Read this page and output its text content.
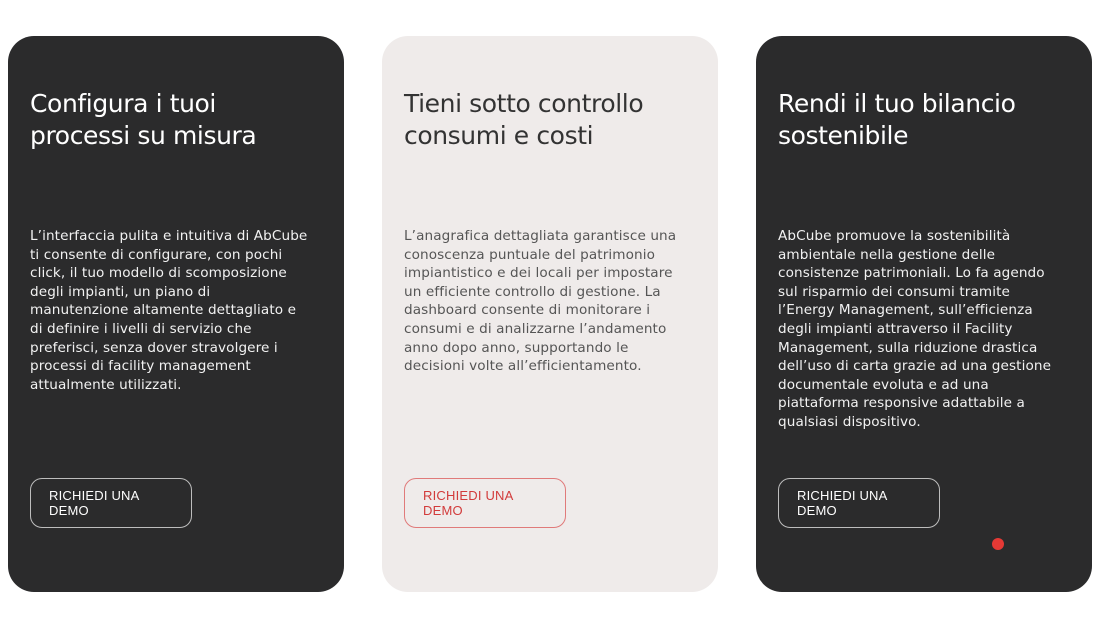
Configura i tuoi
processi su misura

L’interfaccia pulita e intuitiva di AbCube
ti consente di configurare, con pochi
click, il tuo modello di scomposizione
degli impianti, un piano di
manutenzione altamente dettagliato e
di definire i livelli di servizio che
preferisci, senza dover stravolgere i
processi di facility management
attualmente utilizzati.

RICHIEDI UNA DEMO
Tieni sotto controllo
consumi e costi

L’anagrafica dettagliata garantisce una
conoscenza puntuale del patrimonio
impiantistico e dei locali per impostare
un efficiente controllo di gestione. La
dashboard consente di monitorare i
consumi e di analizzarne l’andamento
anno dopo anno, supportando le
decisioni volte all’efficientamento.

RICHIEDI UNA DEMO
Rendi il tuo bilancio
sostenibile

AbCube promuove la sostenibilità
ambientale nella gestione delle
consistenze patrimoniali. Lo fa agendo
sul risparmio dei consumi tramite
l’Energy Management, sull’efficienza
degli impianti attraverso il Facility
Management, sulla riduzione drastica
dell’uso di carta grazie ad una gestione
documentale evoluta e ad una
piattaforma responsive adattabile a
qualsiasi dispositivo.

RICHIEDI UNA DEMO
